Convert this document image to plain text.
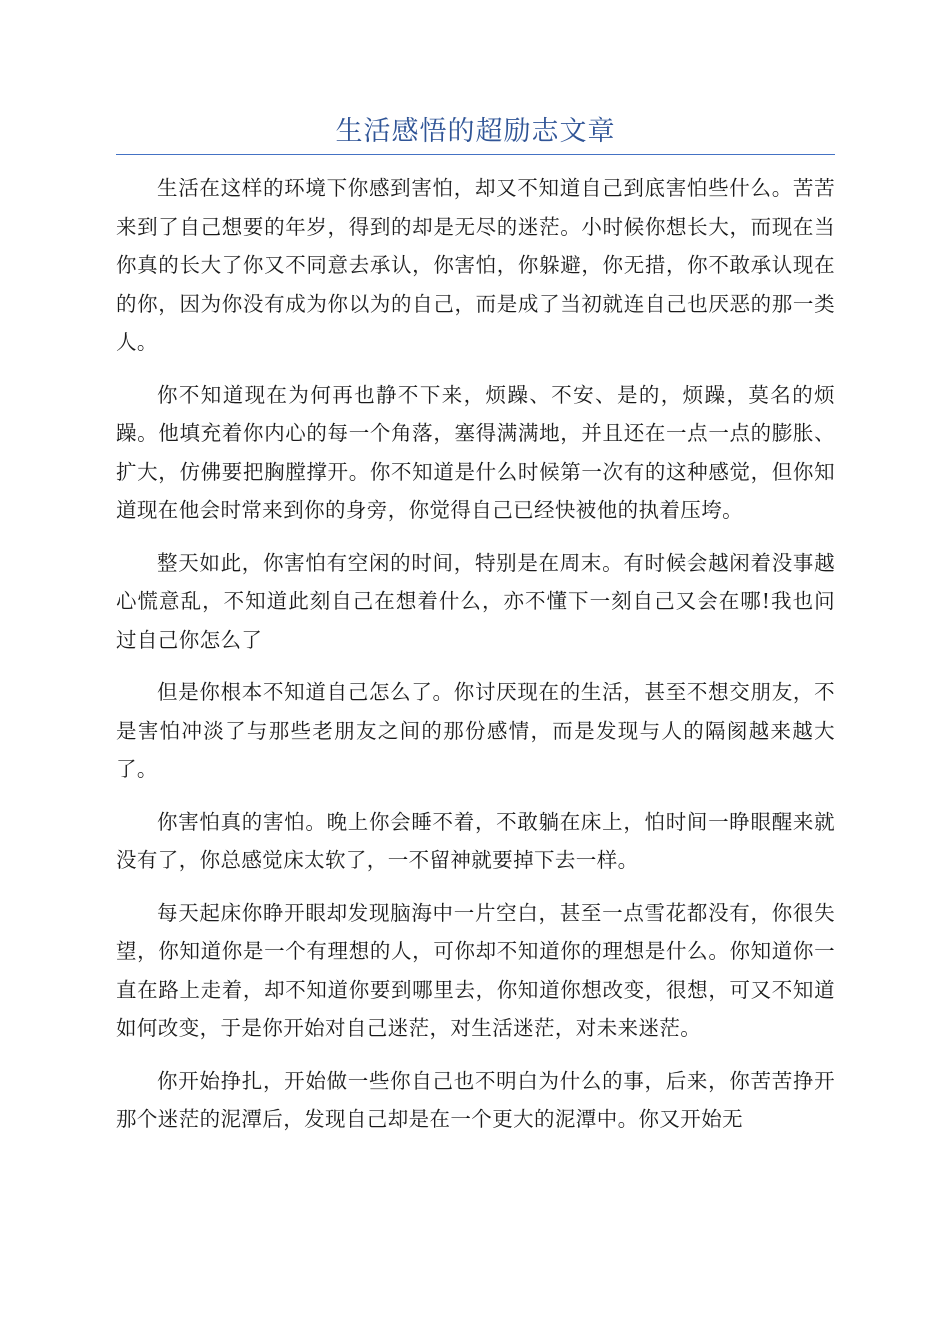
生活感悟的超励志文章

生活在这样的环境下你感到害怕，却又不知道自己到底害怕些什么。苦苦来到了自己想要的年岁，得到的却是无尽的迷茫。小时候你想长大，而现在当你真的长大了你又不同意去承认，你害怕，你躲避，你无措，你不敢承认现在的你，因为你没有成为你以为的自己，而是成了当初就连自己也厌恶的那一类人。

你不知道现在为何再也静不下来，烦躁、不安、是的，烦躁，莫名的烦躁。他填充着你内心的每一个角落，塞得满满地，并且还在一点一点的膨胀、扩大，仿佛要把胸膛撑开。你不知道是什么时候第一次有的这种感觉，但你知道现在他会时常来到你的身旁，你觉得自己已经快被他的执着压垮。

整天如此，你害怕有空闲的时间，特别是在周末。有时候会越闲着没事越心慌意乱，不知道此刻自己在想着什么，亦不懂下一刻自己又会在哪!我也问过自己你怎么了

但是你根本不知道自己怎么了。你讨厌现在的生活，甚至不想交朋友，不是害怕冲淡了与那些老朋友之间的那份感情，而是发现与人的隔阂越来越大了。

你害怕真的害怕。晚上你会睡不着，不敢躺在床上，怕时间一睁眼醒来就没有了，你总感觉床太软了，一不留神就要掉下去一样。

每天起床你睁开眼却发现脑海中一片空白，甚至一点雪花都没有，你很失望，你知道你是一个有理想的人，可你却不知道你的理想是什么。你知道你一直在路上走着，却不知道你要到哪里去，你知道你想改变，很想，可又不知道如何改变，于是你开始对自己迷茫，对生活迷茫，对未来迷茫。

你开始挣扎，开始做一些你自己也不明白为什么的事，后来，你苦苦挣开那个迷茫的泥潭后，发现自己却是在一个更大的泥潭中。你又开始无
